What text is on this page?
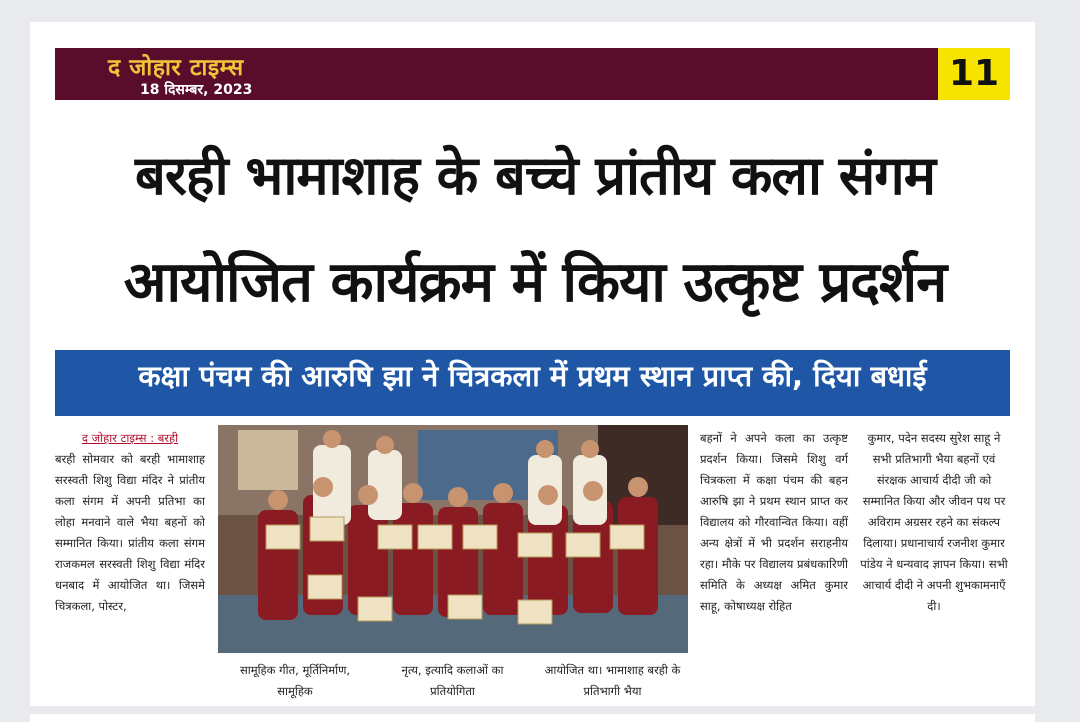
द जोहार टाइम्स
18 दिसम्बर, 2023	11
बरही भामाशाह के बच्चे प्रांतीय कला संगम
आयोजित कार्यक्रम में किया उत्कृष्ट प्रदर्शन
कक्षा पंचम की आरुषि झा ने चित्रकला में प्रथम स्थान प्राप्त की, दिया बधाई
द जोहार टाइम्स : बरही
बरही सोमवार को बरही भामाशाह सरस्वती शिशु विद्या मंदिर ने प्रांतीय कला संगम में अपनी प्रतिभा का लोहा मनवाने वाले भैया बहनों को सम्मानित किया। प्रांतीय कला संगम राजकमल सरस्वती शिशु विद्या मंदिर धनबाद में आयोजित था। जिसमे चित्रकला, पोस्टर,
सामूहिक गीत, मूर्तिनिर्माण, सामूहिक
नृत्य, इत्यादि कलाओं का प्रतियोगिता
आयोजित था। भामाशाह बरही के प्रतिभागी भैया
बहनों ने अपने कला का उत्कृष्ट प्रदर्शन किया। जिसमे शिशु वर्ग चित्रकला में कक्षा पंचम की बहन आरुषि झा ने प्रथम स्थान प्राप्त कर विद्यालय को गौरवान्वित किया। वहीं अन्य क्षेत्रों में भी प्रदर्शन सराहनीय रहा। मौके पर विद्यालय प्रबंधकारिणी समिति के अध्यक्ष अमित कुमार साहू, कोषाध्यक्ष रोहित
कुमार, पदेन सदस्य सुरेश साहू ने सभी प्रतिभागी भैया बहनों एवं संरक्षक आचार्य दीदी जी को सम्मानित किया और जीवन पथ पर अविराम अग्रसर रहने का संकल्प दिलाया। प्रधानाचार्य रजनीश कुमार पांडेय ने धन्यवाद ज्ञापन किया। सभी आचार्य दीदी ने अपनी शुभकामनाएँ दी।
